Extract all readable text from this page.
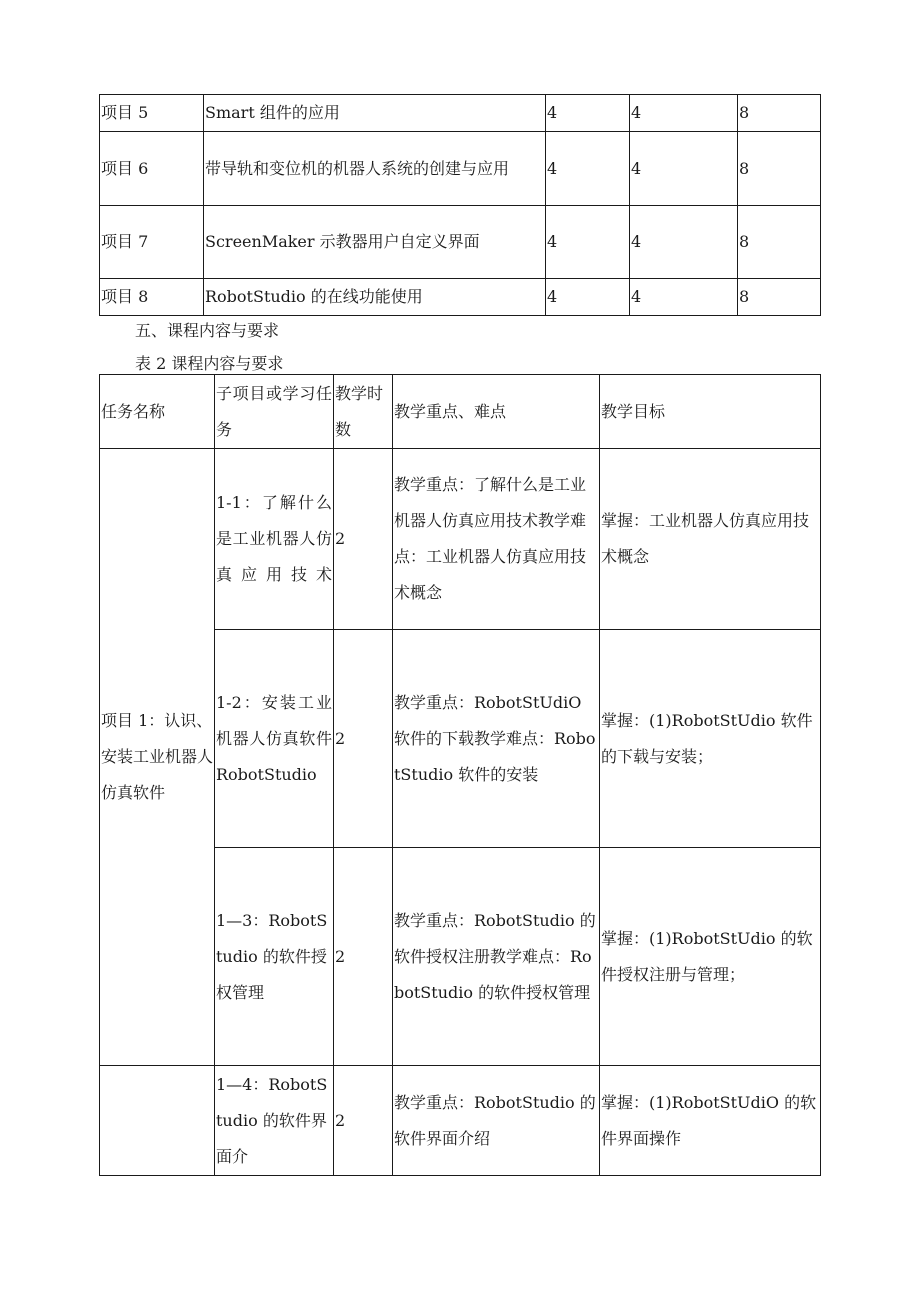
项目 5	Smart 组件的应用	4	4	8
项目 6	带导轨和变位机的机器人系统的创建与应用	4	4	8
项目 7	ScreenMaker 示教器用户自定义界面	4	4	8
项目 8	RobotStudio 的在线功能使用	4	4	8
五、课程内容与要求
表 2 课程内容与要求
任务名称	子项目或学习任务	教学时数	教学重点、难点	教学目标
项目 1：认识、安装工业机器人仿真软件	1-1：了解什么是工业机器人仿真应用技术	2	教学重点：了解什么是工业机器人仿真应用技术教学难点：工业机器人仿真应用技术概念	掌握：工业机器人仿真应用技术概念
	1-2：安装工业机器人仿真软件 RobotStudio	2	教学重点：RobotStUdiO 软件的下载教学难点：RobotStudio 软件的安装	掌握：(1)RobotStUdio 软件的下载与安装；
	1—3：RobotStudio 的软件授权管理	2	教学重点：RobotStudio 的软件授权注册教学难点：RobotStudio 的软件授权管理	掌握：(1)RobotStUdio 的软件授权注册与管理；
	1—4：RobotStudio 的软件界面介	2	教学重点：RobotStudio 的软件界面介绍	掌握：(1)RobotStUdiO 的软件界面操作
